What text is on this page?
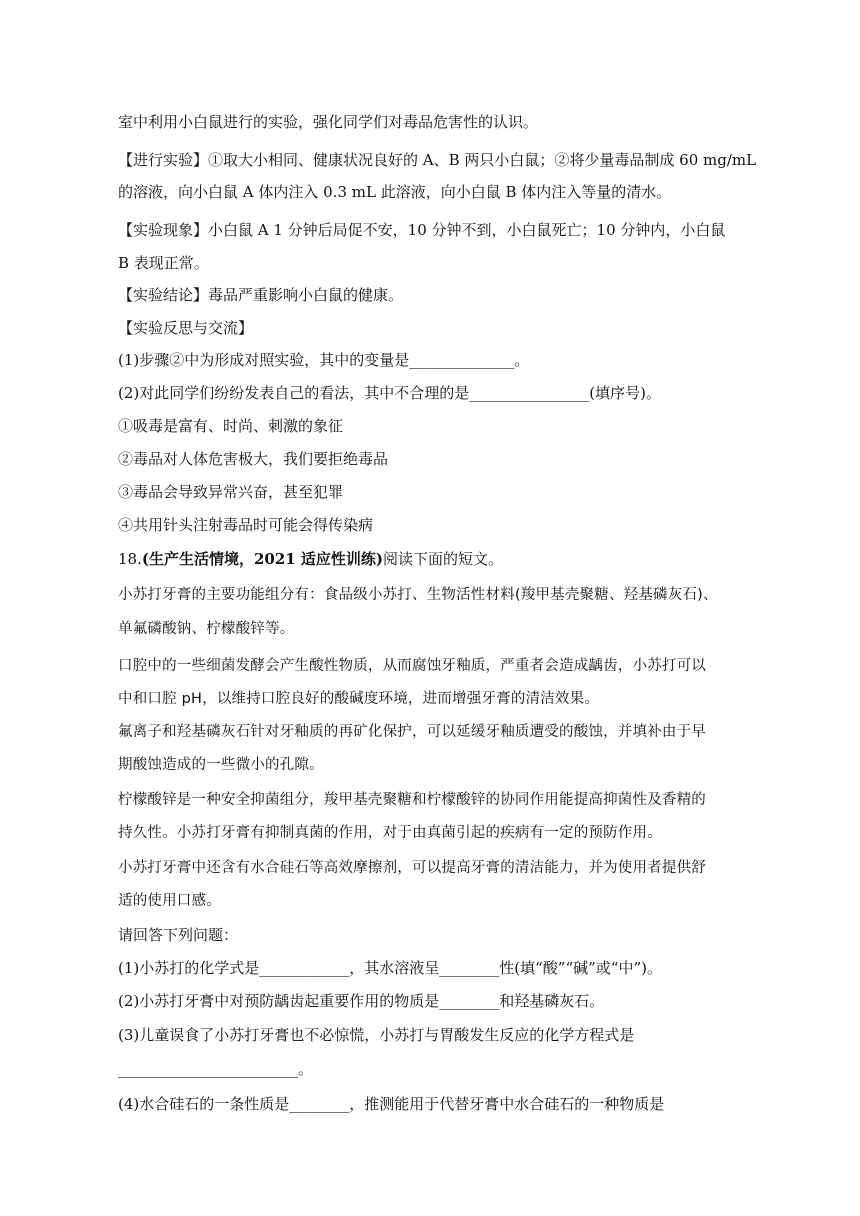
室中利用小白鼠进行的实验，强化同学们对毒品危害性的认识。
【进行实验】①取大小相同、健康状况良好的 A、B 两只小白鼠；②将少量毒品制成 60 mg/mL
的溶液，向小白鼠 A 体内注入 0.3 mL 此溶液，向小白鼠 B 体内注入等量的清水。
【实验现象】小白鼠 A 1 分钟后局促不安，10 分钟不到，小白鼠死亡；10 分钟内，小白鼠
B 表现正常。
【实验结论】毒品严重影响小白鼠的健康。
【实验反思与交流】
(1)步骤②中为形成对照实验，其中的变量是______________。
(2)对此同学们纷纷发表自己的看法，其中不合理的是________________(填序号)。
①吸毒是富有、时尚、刺激的象征
②毒品对人体危害极大，我们要拒绝毒品
③毒品会导致异常兴奋，甚至犯罪
④共用针头注射毒品时可能会得传染病
18.(生产生活情境，2021 适应性训练)阅读下面的短文。
小苏打牙膏的主要功能组分有：食品级小苏打、生物活性材料(羧甲基壳聚糖、羟基磷灰石)、
单氟磷酸钠、柠檬酸锌等。
口腔中的一些细菌发酵会产生酸性物质，从而腐蚀牙釉质，严重者会造成龋齿，小苏打可以
中和口腔 pH，以维持口腔良好的酸碱度环境，进而增强牙膏的清洁效果。
氟离子和羟基磷灰石针对牙釉质的再矿化保护，可以延缓牙釉质遭受的酸蚀，并填补由于早
期酸蚀造成的一些微小的孔隙。
柠檬酸锌是一种安全抑菌组分，羧甲基壳聚糖和柠檬酸锌的协同作用能提高抑菌性及香精的
持久性。小苏打牙膏有抑制真菌的作用，对于由真菌引起的疾病有一定的预防作用。
小苏打牙膏中还含有水合硅石等高效摩擦剂，可以提高牙膏的清洁能力，并为使用者提供舒
适的使用口感。
请回答下列问题：
(1)小苏打的化学式是____________，其水溶液呈________性(填“酸”“碱”或“中”)。
(2)小苏打牙膏中对预防龋齿起重要作用的物质是________和羟基磷灰石。
(3)儿童误食了小苏打牙膏也不必惊慌，小苏打与胃酸发生反应的化学方程式是
________________________。
(4)水合硅石的一条性质是________，推测能用于代替牙膏中水合硅石的一种物质是
